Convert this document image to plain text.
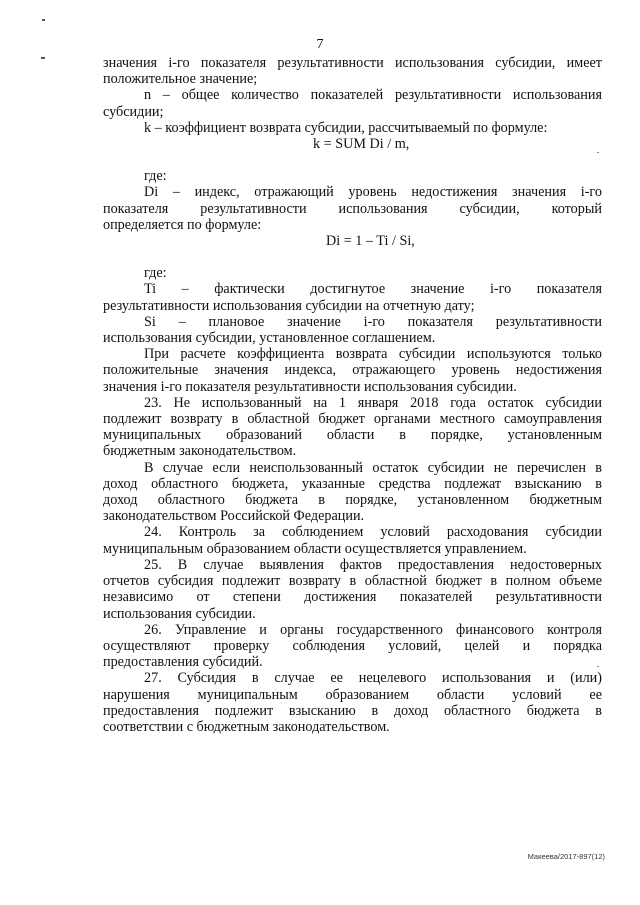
7

значения i-го показателя результативности использования субсидии, имеет

положительное значение;

n – общее количество показателей результативности использования

субсидии;

k – коэффициент возврата субсидии, рассчитываемый по формуле:

k = SUM Di / m,

где:

Di – индекс, отражающий уровень недостижения значения i-го

показателя результативности использования субсидии, который

определяется по формуле:

Di = 1 – Ti / Si,

где:

Ti – фактически достигнутое значение i-го показателя

результативности использования субсидии на отчетную дату;

Si – плановое значение i-го показателя результативности

использования субсидии, установленное соглашением.

При расчете коэффициента возврата субсидии используются только

положительные значения индекса, отражающего уровень недостижения

значения i-го показателя результативности использования субсидии.

23. Не использованный на 1 января 2018 года остаток субсидии

подлежит возврату в областной бюджет органами местного самоуправления

муниципальных образований области в порядке, установленным

бюджетным законодательством.

В случае если неиспользованный остаток субсидии не перечислен в

доход областного бюджета, указанные средства подлежат взысканию в

доход областного бюджета в порядке, установленном бюджетным

законодательством Российской Федерации.

24. Контроль за соблюдением условий расходования субсидии

муниципальным образованием области осуществляется управлением.

25. В случае выявления фактов предоставления недостоверных

отчетов субсидия подлежит возврату в областной бюджет в полном объеме

независимо от степени достижения показателей результативности

использования субсидии.

26. Управление и органы государственного финансового контроля

осуществляют проверку соблюдения условий, целей и порядка

предоставления субсидий.

27. Субсидия в случае ее нецелевого использования и (или)

нарушения муниципальным образованием области условий ее

предоставления подлежит взысканию в доход областного бюджета в

соответствии с бюджетным законодательством.

Макеева/2017-897(12)
